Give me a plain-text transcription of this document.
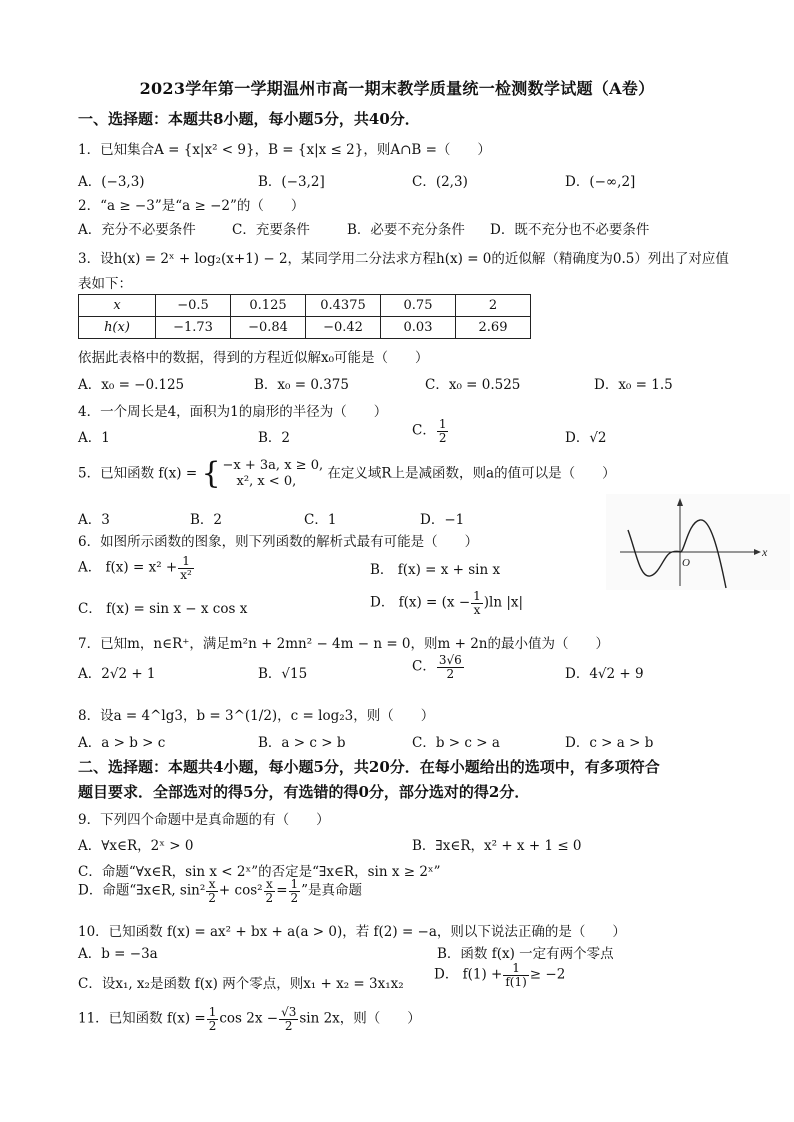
2023学年第一学期温州市高一期末教学质量统一检测数学试题（A卷）
一、选择题：本题共8小题，每小题5分，共40分．
1．已知集合A = {x|x² < 9}，B = {x|x ≤ 2}，则A∩B =（　　）
A．(−3,3)	B．(−3,2]	C．(2,3)	D．(−∞,2]
2．“a ≥ −3”是“a ≥ −2”的（　　）
A．充分不必要条件	C．充要条件	B．必要不充分条件 D．既不充分也不必要条件
3．设h(x) = 2ˣ + log₂(x+1) − 2，某同学用二分法求方程h(x) = 0的近似解（精确度为0.5）列出了对应值
表如下：
x	−0.5	0.125	0.4375	0.75	2
h(x)	−1.73	−0.84	−0.42	0.03	2.69
依据此表格中的数据，得到的方程近似解x₀可能是（　　）
A．x₀ = −0.125	B．x₀ = 0.375	C．x₀ = 0.525	D．x₀ = 1.5
4．一个周长是4，面积为1的扇形的半径为（　　）
A．1	B．2	C． $\frac{1}{2}$	D．√2
5．已知函数 f(x) = { −x + 3a, x ≥ 0,
x², x < 0,	在定义域R上是减函数，则a的值可以是（　　）
A．3	B．2	C．1	D．−1
6．如图所示函数的图象，则下列函数的解析式最有可能是（　　）
A． $f(x) = x^2 + \frac{1}{\text{x²}}$	B． f(x) = x + sin x
C． f(x) = sin x − x cos x	D． $f(x) = (x - \frac{1}{x} )\ln$ |x|
x
O
7．已知m，n∈R⁺，满足m²n + 2mn² − 4m − n = 0，则m + 2n的最小值为（　　）
A．2√2 + 1	B．√15	C． $\frac{3√6}{2}$	D．4√2 + 9
8．设a = 4^lg3，b = 3^(1/2)，c = log₂3，则（　　）
A．a > b > c	B．a > c > b	C．b > c > a	D．c > a > b
二、选择题：本题共4小题，每小题5分，共20分．在每小题给出的选项中，有多项符合
题目要求．全部选对的得5分，有选错的得0分，部分选对的得2分．
9．下列四个命题中是真命题的有（　　）
A．∀x∈R，2ˣ > 0	B．∃x∈R，x² + x + 1 ≤ 0
C．命题“∀x∈R，sin x < 2ˣ”的否定是“∃x∈R，sin x ≥ 2ˣ”
D．命题“∃x∈R, $\sin^2 \frac{x}{2} + \cos^2 \frac{x}{2} = \frac{1}{2}$ ”是真命题
10．已知函数 f(x) = ax² + bx + a(a > 0)，若 f(2) = −a，则以下说法正确的是（　　）
A．b = −3a	B．函数 f(x) 一定有两个零点
C．设x₁, x₂是函数 f(x) 两个零点，则x₁ + x₂ = 3x₁x₂
D． $f(1) + \frac{1}{f(1)} \ge -2$
11．已知函数 $f(x) = \frac{1}{2}$ $\cos 2x - \frac{√3}{2}$ sin 2x，则（　　）
